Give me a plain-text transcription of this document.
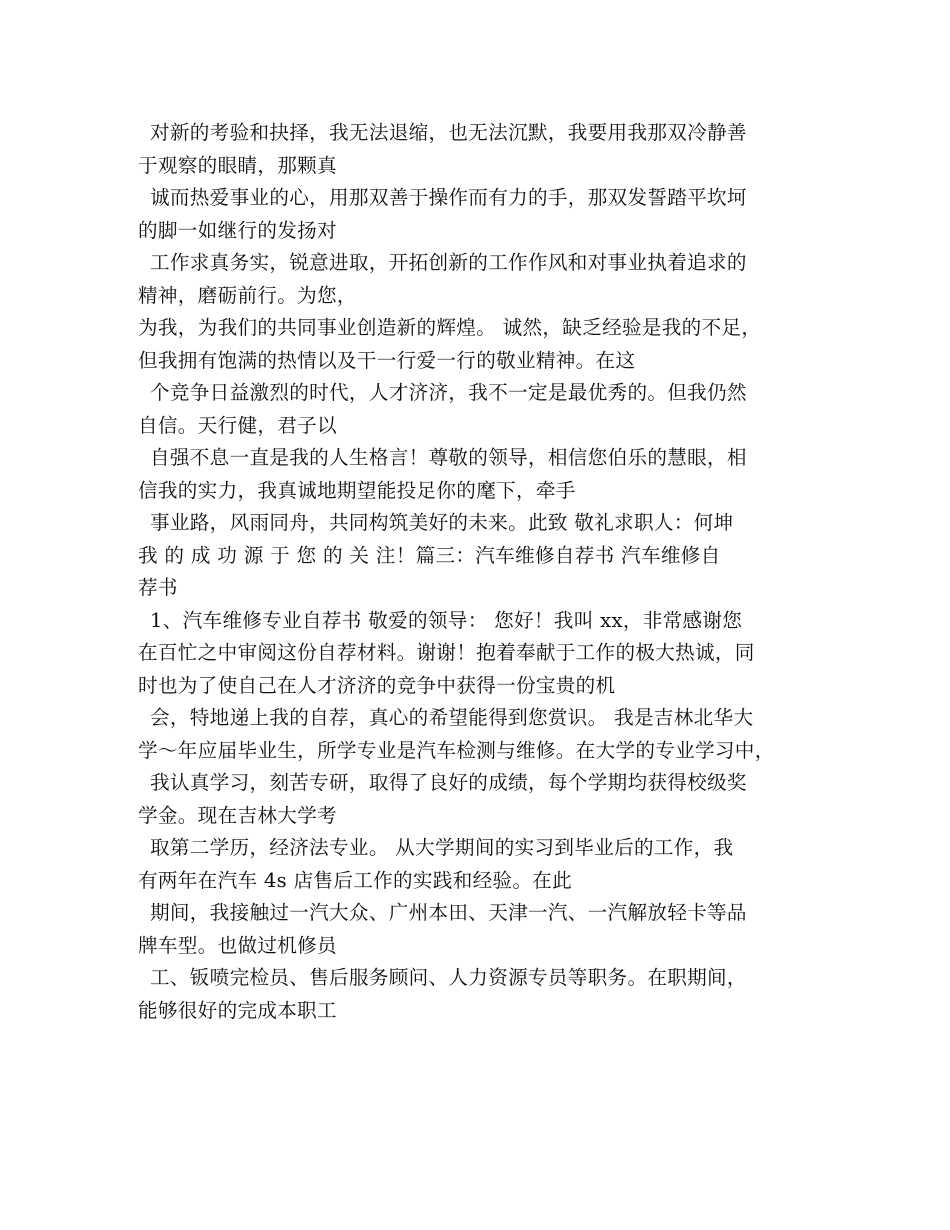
对新的考验和抉择，我无法退缩，也无法沉默，我要用我那双冷静善
于观察的眼睛，那颗真
诚而热爱事业的心，用那双善于操作而有力的手，那双发誓踏平坎坷
的脚一如继行的发扬对
工作求真务实，锐意进取，开拓创新的工作作风和对事业执着追求的
精神，磨砺前行。为您，
为我，为我们的共同事业创造新的辉煌。 诚然，缺乏经验是我的不足，
但我拥有饱满的热情以及干一行爱一行的敬业精神。在这
个竞争日益激烈的时代，人才济济，我不一定是最优秀的。但我仍然
自信。天行健，君子以
自强不息一直是我的人生格言！尊敬的领导，相信您伯乐的慧眼，相
信我的实力，我真诚地期望能投足你的麾下，牵手
事业路，风雨同舟，共同构筑美好的未来。此致 敬礼求职人：何坤
我 的 成 功 源 于 您 的 关 注！篇三：汽车维修自荐书 汽车维修自
荐书
1、汽车维修专业自荐书 敬爱的领导： 您好！我叫 xx，非常感谢您
在百忙之中审阅这份自荐材料。谢谢！抱着奉献于工作的极大热诚，同
时也为了使自己在人才济济的竞争中获得一份宝贵的机
会，特地递上我的自荐，真心的希望能得到您赏识。 我是吉林北华大
学～年应届毕业生，所学专业是汽车检测与维修。在大学的专业学习中，
我认真学习，刻苦专研，取得了良好的成绩，每个学期均获得校级奖
学金。现在吉林大学考
取第二学历，经济法专业。 从大学期间的实习到毕业后的工作，我
有两年在汽车 4s 店售后工作的实践和经验。在此
期间，我接触过一汽大众、广州本田、天津一汽、一汽解放轻卡等品
牌车型。也做过机修员
工、钣喷完检员、售后服务顾问、人力资源专员等职务。在职期间，
能够很好的完成本职工
